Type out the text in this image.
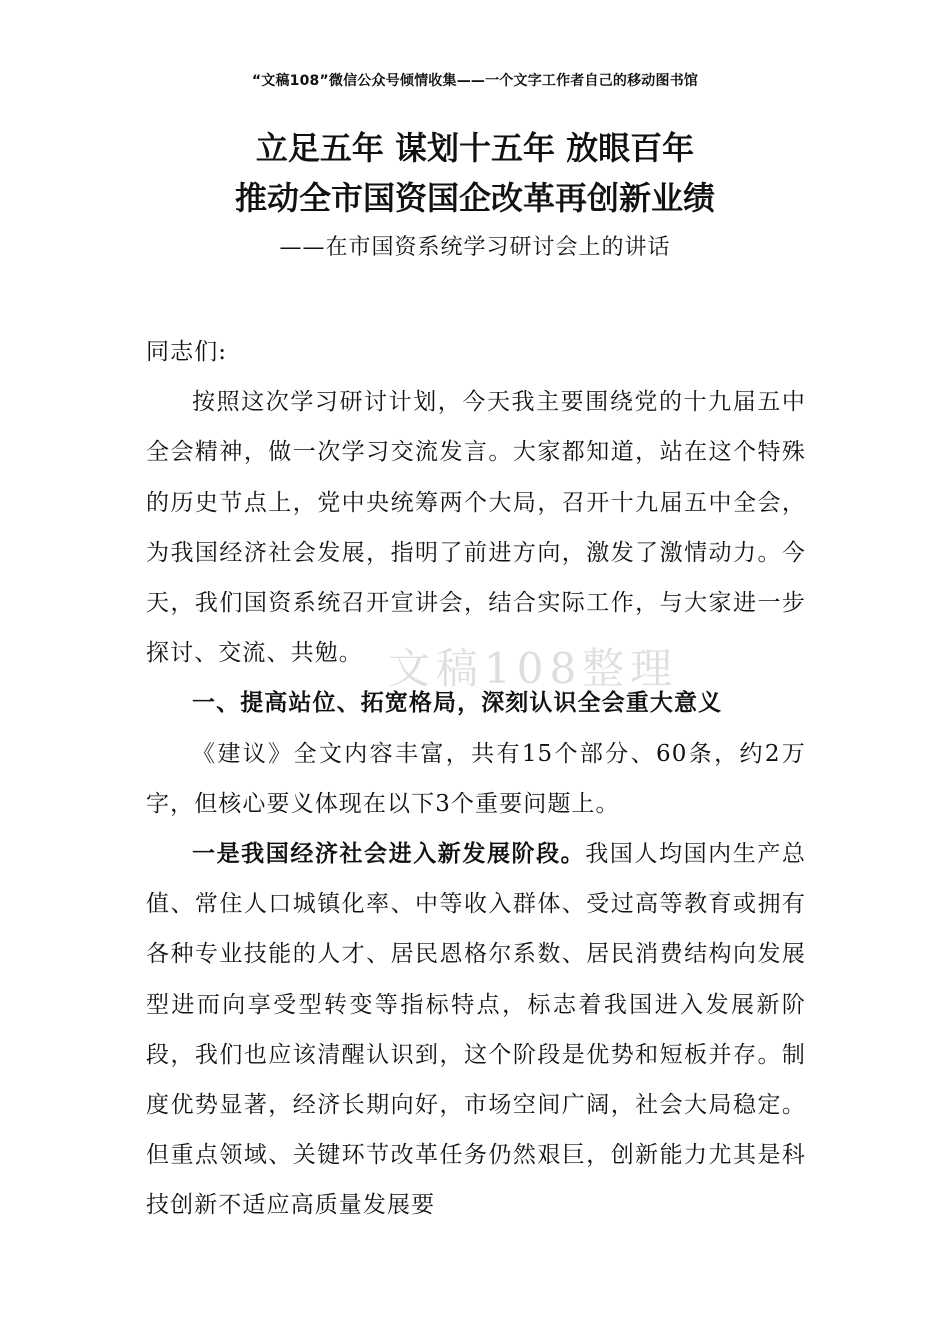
“文稿108”微信公众号倾情收集——一个文字工作者自己的移动图书馆
立足五年 谋划十五年 放眼百年
推动全市国资国企改革再创新业绩
——在市国资系统学习研讨会上的讲话

同志们:

按照这次学习研讨计划，今天我主要围绕党的十九届五中全会精神，做一次学习交流发言。大家都知道，站在这个特殊的历史节点上，党中央统筹两个大局，召开十九届五中全会，为我国经济社会发展，指明了前进方向，激发了激情动力。今天，我们国资系统召开宣讲会，结合实际工作，与大家进一步探讨、交流、共勉。

一、提高站位、拓宽格局，深刻认识全会重大意义

《建议》全文内容丰富，共有15个部分、60条，约2万字，但核心要义体现在以下3个重要问题上。

一是我国经济社会进入新发展阶段。我国人均国内生产总值、常住人口城镇化率、中等收入群体、受过高等教育或拥有各种专业技能的人才、居民恩格尔系数、居民消费结构向发展型进而向享受型转变等指标特点，标志着我国进入发展新阶段，我们也应该清醒认识到，这个阶段是优势和短板并存。制度优势显著，经济长期向好，市场空间广阔，社会大局稳定。但重点领域、关键环节改革任务仍然艰巨，创新能力尤其是科技创新不适应高质量发展要

文稿108整理
